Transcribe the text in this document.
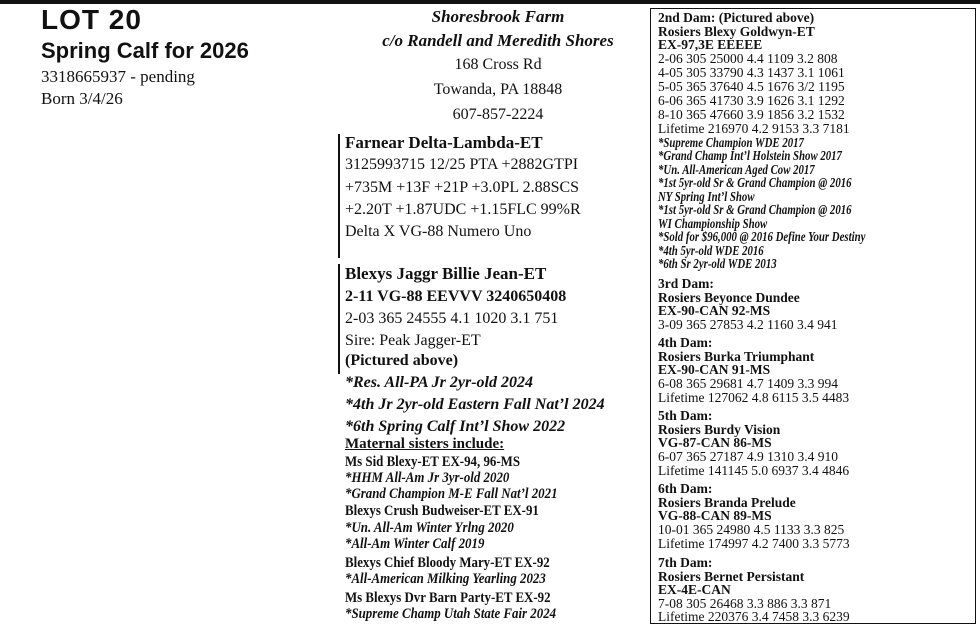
LOT 20
Spring Calf for 2026
3318665937 - pending
Born 3/4/26
Shoresbrook Farm
c/o Randell and Meredith Shores
168 Cross Rd
Towanda, PA 18848
607-857-2224
Farnear Delta-Lambda-ET
3125993715 12/25 PTA +2882GTPI
+735M +13F +21P +3.0PL 2.88SCS
+2.20T +1.87UDC +1.15FLC 99%R
Delta X VG-88 Numero Uno
Blexys Jaggr Billie Jean-ET
2-11 VG-88 EEVVV 3240650408
2-03 365 24555 4.1 1020 3.1 751
Sire: Peak Jagger-ET
(Pictured above)
*Res. All-PA Jr 2yr-old 2024
*4th Jr 2yr-old Eastern Fall Nat’l 2024
*6th Spring Calf Int’l Show 2022
Maternal sisters include:
Ms Sid Blexy-ET EX-94, 96-MS
*HHM All-Am Jr 3yr-old 2020
*Grand Champion M-E Fall Nat’l 2021
Blexys Crush Budweiser-ET EX-91
*Un. All-Am Winter Yrlng 2020
*All-Am Winter Calf 2019
Blexys Chief Bloody Mary-ET EX-92
*All-American Milking Yearling 2023
Ms Blexys Dvr Barn Party-ET EX-92
*Supreme Champ Utah State Fair 2024
2nd Dam: (Pictured above)
Rosiers Blexy Goldwyn-ET
EX-97,3E EEEEE
2-06 305 25000 4.4 1109 3.2 808
4-05 305 33790 4.3 1437 3.1 1061
5-05 365 37640 4.5 1676 3/2 1195
6-06 365 41730 3.9 1626 3.1 1292
8-10 365 47660 3.9 1856 3.2 1532
Lifetime 216970 4.2 9153 3.3 7181
*Supreme Champion WDE 2017
*Grand Champ Int’l Holstein Show 2017
*Un. All-American Aged Cow 2017
*1st 5yr-old Sr & Grand Champion @ 2016
NY Spring Int’l Show
*1st 5yr-old Sr & Grand Champion @ 2016
WI Championship Show
*Sold for $96,000 @ 2016 Define Your Destiny
*4th 5yr-old WDE 2016
*6th Sr 2yr-old WDE 2013
3rd Dam:
Rosiers Beyonce Dundee
EX-90-CAN 92-MS
3-09 365 27853 4.2 1160 3.4 941
4th Dam:
Rosiers Burka Triumphant
EX-90-CAN 91-MS
6-08 365 29681 4.7 1409 3.3 994
Lifetime 127062 4.8 6115 3.5 4483
5th Dam:
Rosiers Burdy Vision
VG-87-CAN 86-MS
6-07 365 27187 4.9 1310 3.4 910
Lifetime 141145 5.0 6937 3.4 4846
6th Dam:
Rosiers Branda Prelude
VG-88-CAN 89-MS
10-01 365 24980 4.5 1133 3.3 825
Lifetime 174997 4.2 7400 3.3 5773
7th Dam:
Rosiers Bernet Persistant
EX-4E-CAN
7-08 305 26468 3.3 886 3.3 871
Lifetime 220376 3.4 7458 3.3 6239
